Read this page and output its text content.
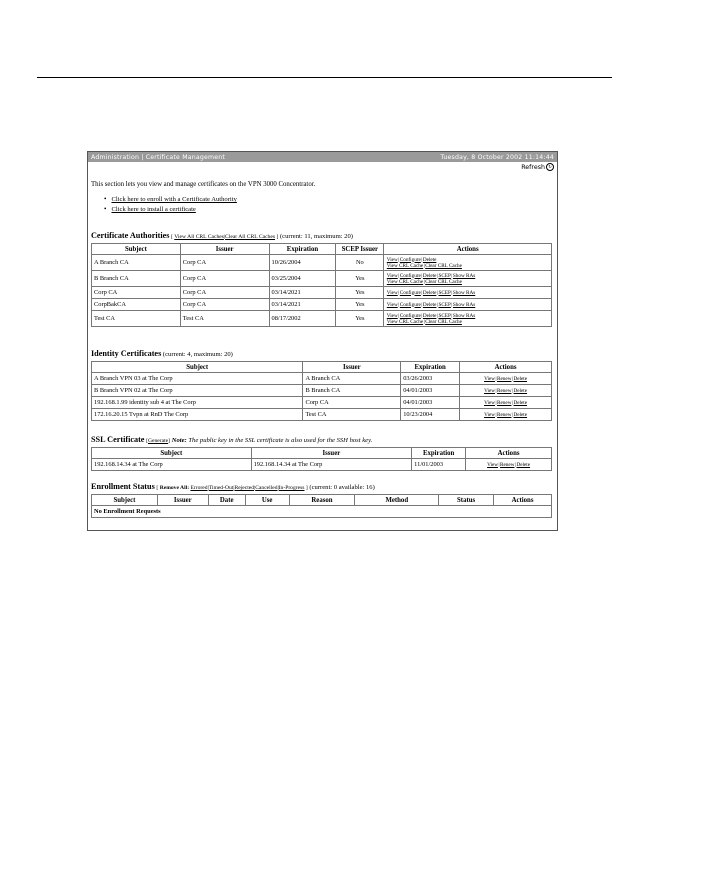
Administration | Certificate Management	Tuesday, 8 October 2002 11:14:44
Refresh ↻
This section lets you view and manage certificates on the VPN 3000 Concentrator.
• Click here to enroll with a Certificate Authority
• Click here to install a certificate
Certificate Authorities [ View All CRL Caches|Clear All CRL Caches ] (current: 11, maximum: 20)
Subject	Issuer	Expiration	SCEP Issuer	Actions
A Branch CA	Corp CA	10/26/2004	No	View|Configure|Delete
View CRL Cache|Clear CRL Cache
B Branch CA	Corp CA	03/25/2004	Yes	View|Configure|Delete|SCEP|Show RAs
View CRL Cache|Clear CRL Cache
Corp CA	Corp CA	03/14/2021	Yes	View|Configure|Delete|SCEP|Show RAs
CorpBakCA	Corp CA	03/14/2021	Yes	View|Configure|Delete|SCEP|Show RAs
Test CA	Test CA	08/17/2002	Yes	View|Configure|Delete|SCEP|Show RAs
View CRL Cache|Clear CRL Cache
Identity Certificates (current: 4, maximum: 20)
Subject	Issuer	Expiration	Actions
A Branch VPN 03 at The Corp	A Branch CA	03/26/2003	View|Renew|Delete
B Branch VPN 02 at The Corp	B Branch CA	04/01/2003	View|Renew|Delete
192.168.1.99 identity sub 4 at The Corp	Corp CA	04/01/2003	View|Renew|Delete
172.16.20.15 Tvpn at RnD The Corp	Test CA	10/23/2004	View|Renew|Delete
SSL Certificate [Generate] Note: The public key in the SSL certificate is also used for the SSH host key.
Subject	Issuer	Expiration	Actions
192.168.14.34 at The Corp	192.168.14.34 at The Corp	11/01/2003	View|Renew|Delete
Enrollment Status [ Remove All: Errored|Timed-Out|Rejected|Cancelled|In-Progress ] (current: 0 available: 16)
Subject	Issuer	Date	Use	Reason	Method	Status	Actions
No Enrollment Requests
